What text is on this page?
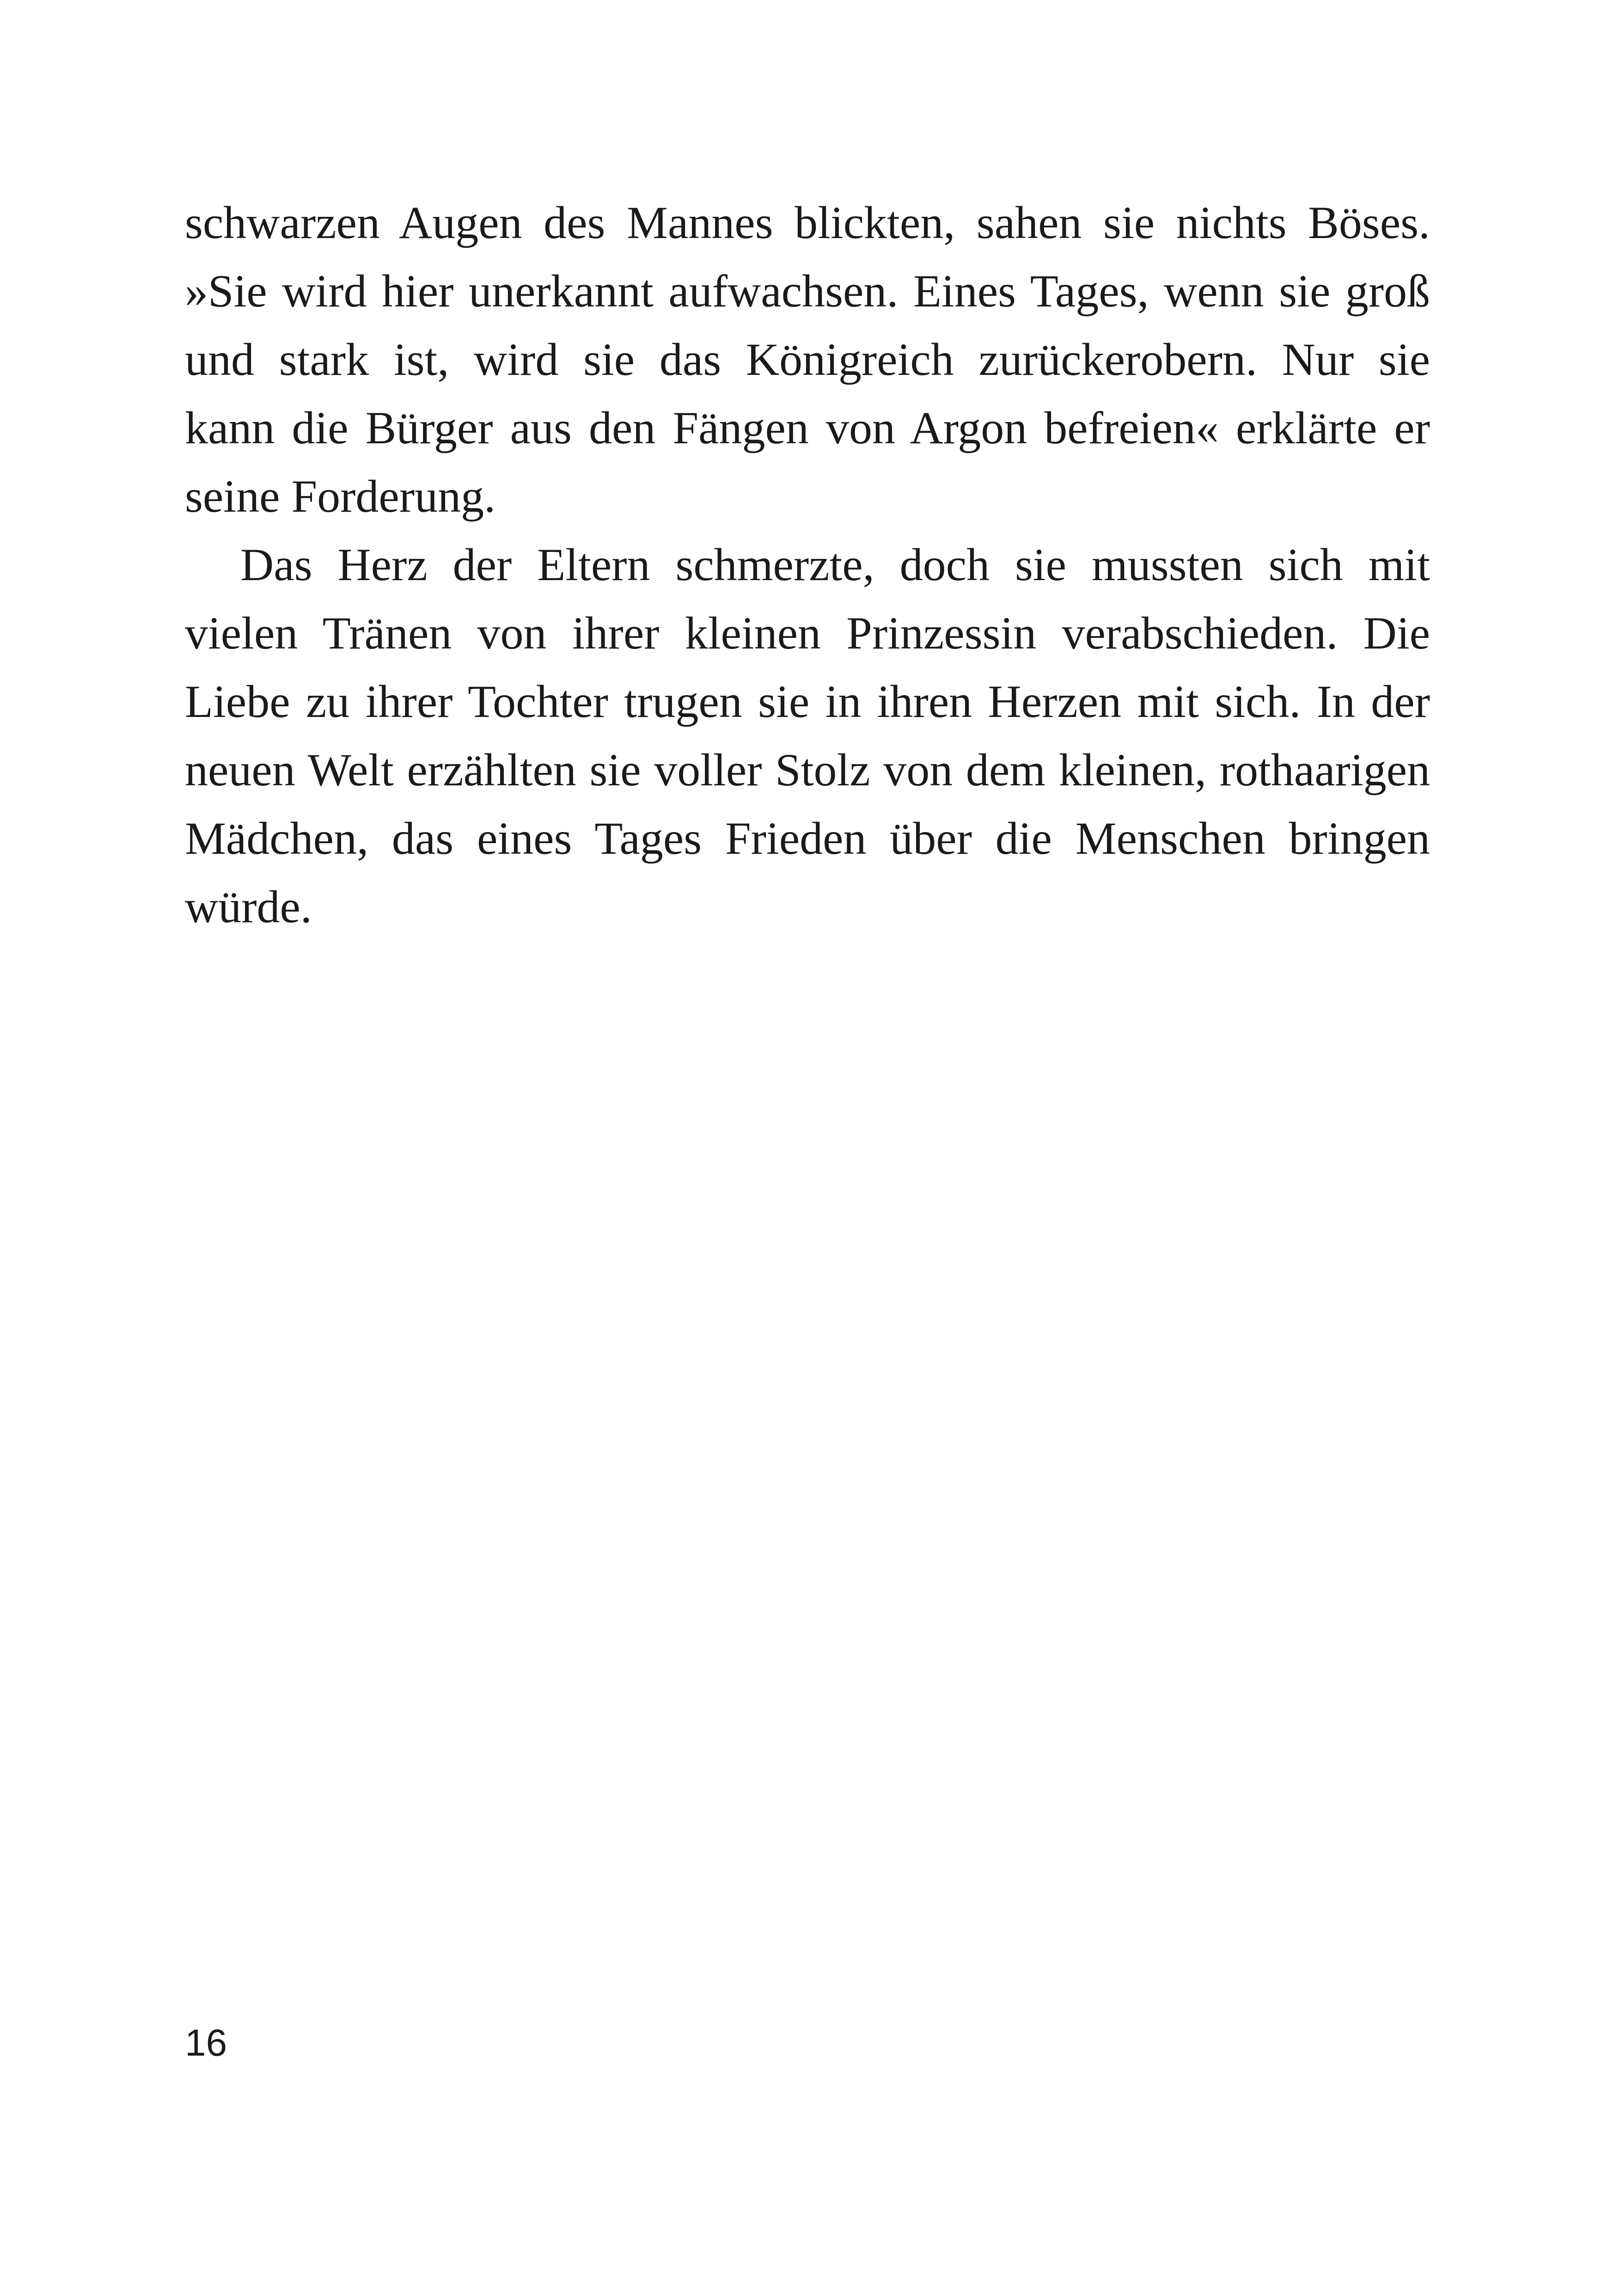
schwarzen Augen des Mannes blickten, sahen sie nichts Böses.
»Sie wird hier unerkannt aufwachsen. Eines Tages, wenn sie groß
und stark ist, wird sie das Königreich zurückerobern. Nur sie
kann die Bürger aus den Fängen von Argon befreien« erklärte er
seine Forderung.
Das Herz der Eltern schmerzte, doch sie mussten sich mit
vielen Tränen von ihrer kleinen Prinzessin verabschieden. Die
Liebe zu ihrer Tochter trugen sie in ihren Herzen mit sich. In der
neuen Welt erzählten sie voller Stolz von dem kleinen, rothaarigen
Mädchen, das eines Tages Frieden über die Menschen bringen
würde.
16
